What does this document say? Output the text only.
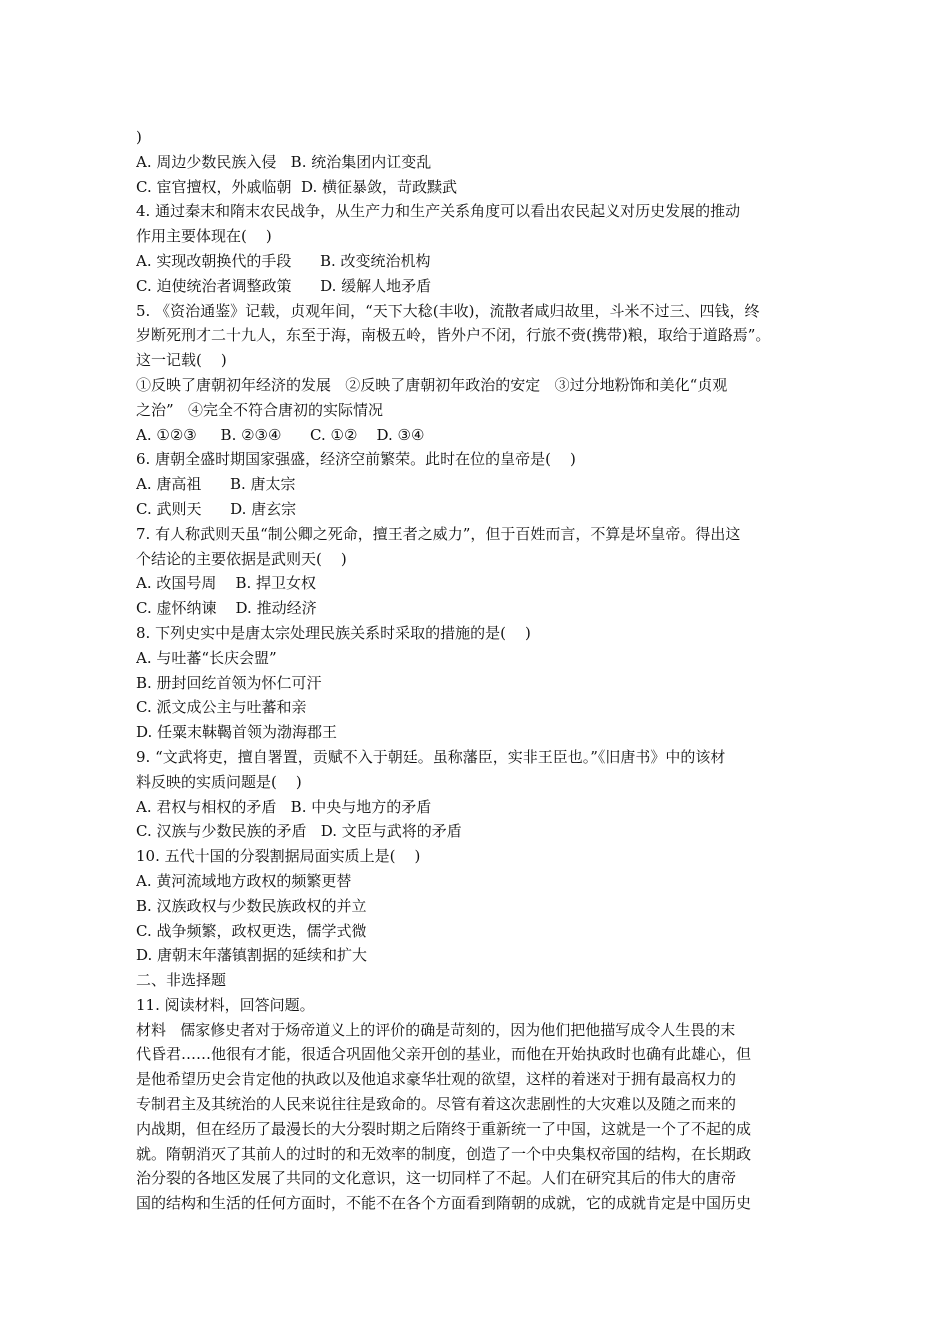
)
A. 周边少数民族入侵   B. 统治集团内讧变乱
C. 宦官擅权，外戚临朝  D. 横征暴敛，苛政黩武
4. 通过秦末和隋末农民战争，从生产力和生产关系角度可以看出农民起义对历史发展的推动
作用主要体现在(    )
A. 实现改朝换代的手段      B. 改变统治机构
C. 迫使统治者调整政策      D. 缓解人地矛盾
5. 《资治通鉴》记载，贞观年间，“天下大稔(丰收)，流散者咸归故里，斗米不过三、四钱，终
岁断死刑才二十九人，东至于海，南极五岭，皆外户不闭，行旅不赍(携带)粮，取给于道路焉”。
这一记载(    )
①反映了唐朝初年经济的发展   ②反映了唐朝初年政治的安定   ③过分地粉饰和美化“贞观
之治”   ④完全不符合唐初的实际情况
A. ①②③     B. ②③④      C. ①②    D. ③④
6. 唐朝全盛时期国家强盛，经济空前繁荣。此时在位的皇帝是(    )
A. 唐高祖      B. 唐太宗
C. 武则天      D. 唐玄宗
7. 有人称武则天虽“制公卿之死命，擅王者之威力”，但于百姓而言，不算是坏皇帝。得出这
个结论的主要依据是武则天(    )
A. 改国号周    B. 捍卫女权
C. 虚怀纳谏    D. 推动经济
8. 下列史实中是唐太宗处理民族关系时采取的措施的是(    )
A. 与吐蕃“长庆会盟”
B. 册封回纥首领为怀仁可汗
C. 派文成公主与吐蕃和亲
D. 任粟末靺鞨首领为渤海郡王
9. “文武将吏，擅自署置，贡赋不入于朝廷。虽称藩臣，实非王臣也。”《旧唐书》中的该材
料反映的实质问题是(    )
A. 君权与相权的矛盾   B. 中央与地方的矛盾
C. 汉族与少数民族的矛盾   D. 文臣与武将的矛盾
10. 五代十国的分裂割据局面实质上是(    )
A. 黄河流域地方政权的频繁更替
B. 汉族政权与少数民族政权的并立
C. 战争频繁，政权更迭，儒学式微
D. 唐朝末年藩镇割据的延续和扩大
二、非选择题
11. 阅读材料，回答问题。
材料   儒家修史者对于炀帝道义上的评价的确是苛刻的，因为他们把他描写成令人生畏的末
代昏君……他很有才能，很适合巩固他父亲开创的基业，而他在开始执政时也确有此雄心，但
是他希望历史会肯定他的执政以及他追求豪华壮观的欲望，这样的着迷对于拥有最高权力的
专制君主及其统治的人民来说往往是致命的。尽管有着这次悲剧性的大灾难以及随之而来的
内战期，但在经历了最漫长的大分裂时期之后隋终于重新统一了中国，这就是一个了不起的成
就。隋朝消灭了其前人的过时的和无效率的制度，创造了一个中央集权帝国的结构，在长期政
治分裂的各地区发展了共同的文化意识，这一切同样了不起。人们在研究其后的伟大的唐帝
国的结构和生活的任何方面时，不能不在各个方面看到隋朝的成就，它的成就肯定是中国历史
